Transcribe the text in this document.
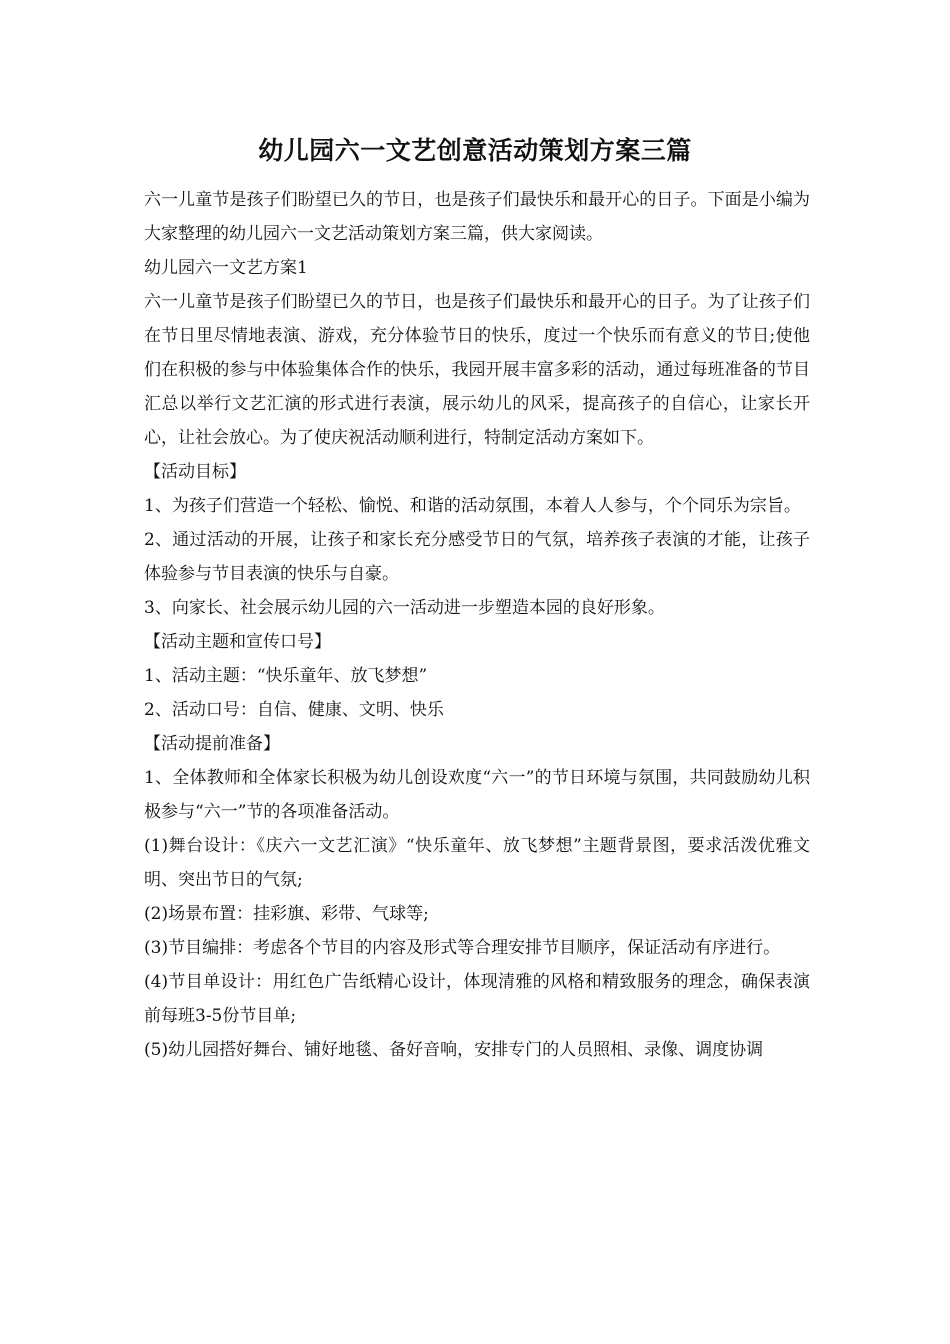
幼儿园六一文艺创意活动策划方案三篇

六一儿童节是孩子们盼望已久的节日，也是孩子们最快乐和最开心的日子。下面是小编为大家整理的幼儿园六一文艺活动策划方案三篇，供大家阅读。

幼儿园六一文艺方案1

六一儿童节是孩子们盼望已久的节日，也是孩子们最快乐和最开心的日子。为了让孩子们在节日里尽情地表演、游戏，充分体验节日的快乐，度过一个快乐而有意义的节日;使他们在积极的参与中体验集体合作的快乐，我园开展丰富多彩的活动，通过每班准备的节目汇总以举行文艺汇演的形式进行表演，展示幼儿的风采，提高孩子的自信心，让家长开心，让社会放心。为了使庆祝活动顺利进行，特制定活动方案如下。

【活动目标】

1、为孩子们营造一个轻松、愉悦、和谐的活动氛围，本着人人参与，个个同乐为宗旨。

2、通过活动的开展，让孩子和家长充分感受节日的气氛，培养孩子表演的才能，让孩子体验参与节目表演的快乐与自豪。

3、向家长、社会展示幼儿园的六一活动进一步塑造本园的良好形象。

【活动主题和宣传口号】

1、活动主题：“快乐童年、放飞梦想”

2、活动口号：自信、健康、文明、快乐

【活动提前准备】

1、全体教师和全体家长积极为幼儿创设欢度“六一”的节日环境与氛围，共同鼓励幼儿积极参与“六一”节的各项准备活动。

(1)舞台设计：《庆六一文艺汇演》“快乐童年、放飞梦想”主题背景图，要求活泼优雅文明、突出节日的气氛;

(2)场景布置：挂彩旗、彩带、气球等;

(3)节目编排：考虑各个节目的内容及形式等合理安排节目顺序，保证活动有序进行。

(4)节目单设计：用红色广告纸精心设计，体现清雅的风格和精致服务的理念，确保表演前每班3-5份节目单;

(5)幼儿园搭好舞台、铺好地毯、备好音响，安排专门的人员照相、录像、调度协调
